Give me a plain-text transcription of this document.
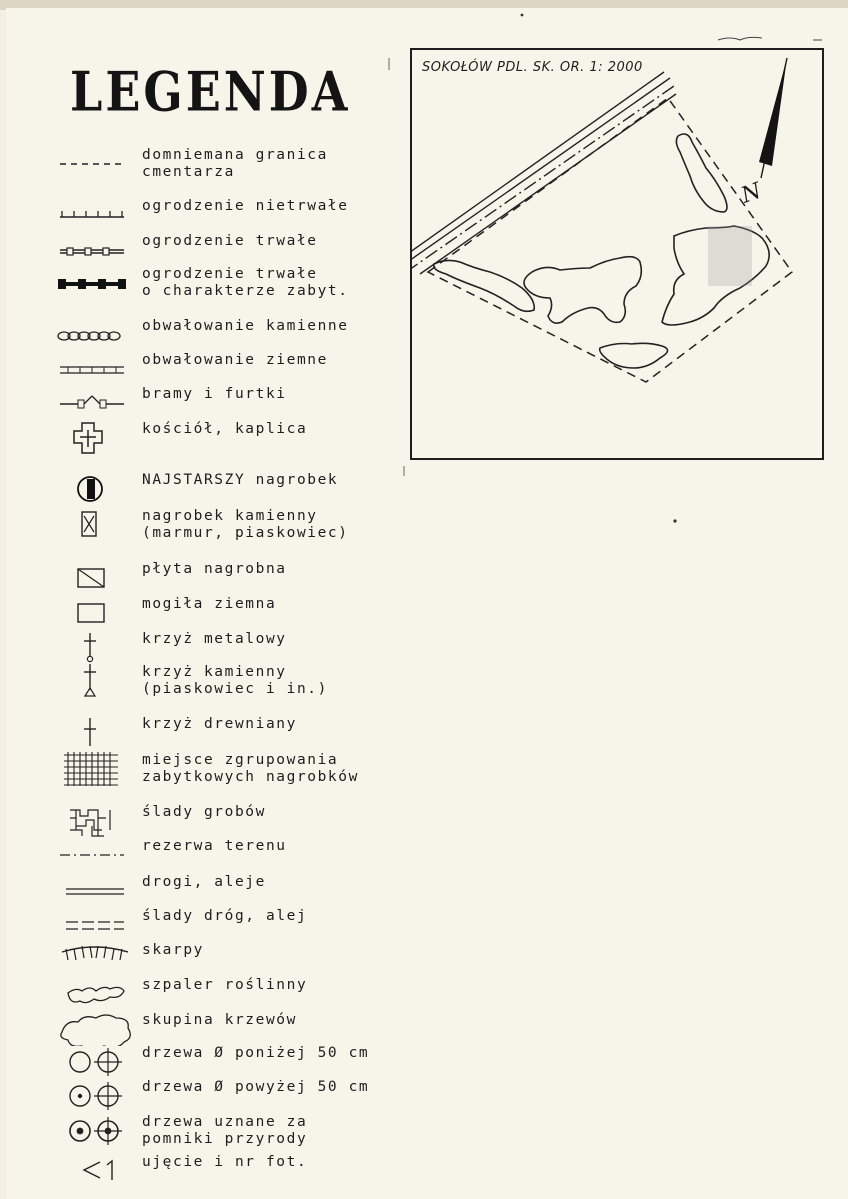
LEGENDA
domniemana granica
cmentarza
ogrodzenie nietrwałe
ogrodzenie trwałe
ogrodzenie trwałe
o charakterze zabyt.
obwałowanie kamienne
obwałowanie ziemne
bramy i furtki
kościół, kaplica
NAJSTARSZY nagrobek
nagrobek kamienny
(marmur, piaskowiec)
płyta nagrobna
mogiła ziemna
krzyż metalowy
krzyż kamienny
(piaskowiec i in.)
krzyż drewniany
miejsce zgrupowania
zabytkowych nagrobków
ślady grobów
rezerwa terenu
drogi, aleje
ślady dróg, alej
skarpy
szpaler roślinny
skupina krzewów
drzewa Ø poniżej 50 cm
drzewa Ø powyżej 50 cm
drzewa uznane za
pomniki przyrody
ujęcie i nr fot.
N

SOKOŁÓW PDL. SK. OR. 1: 2000
